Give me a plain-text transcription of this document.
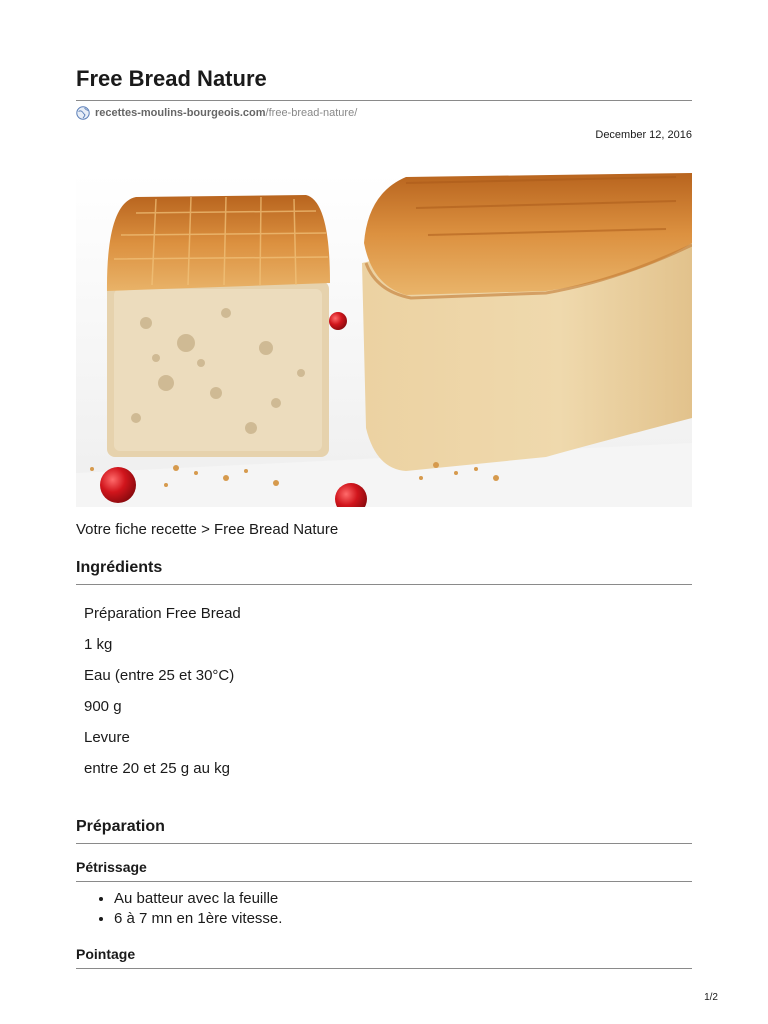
Free Bread Nature
recettes-moulins-bourgeois.com /free-bread-nature/
December 12, 2016
Votre fiche recette > Free Bread Nature
Ingrédients

Préparation Free Bread

1 kg

Eau (entre 25 et 30°C)

900 g

Levure

entre 20 et 25 g au kg

Préparation
Pétrissage
• Au batteur avec la feuille
• 6 à 7 mn en 1ère vitesse.
Pointage
1/2
